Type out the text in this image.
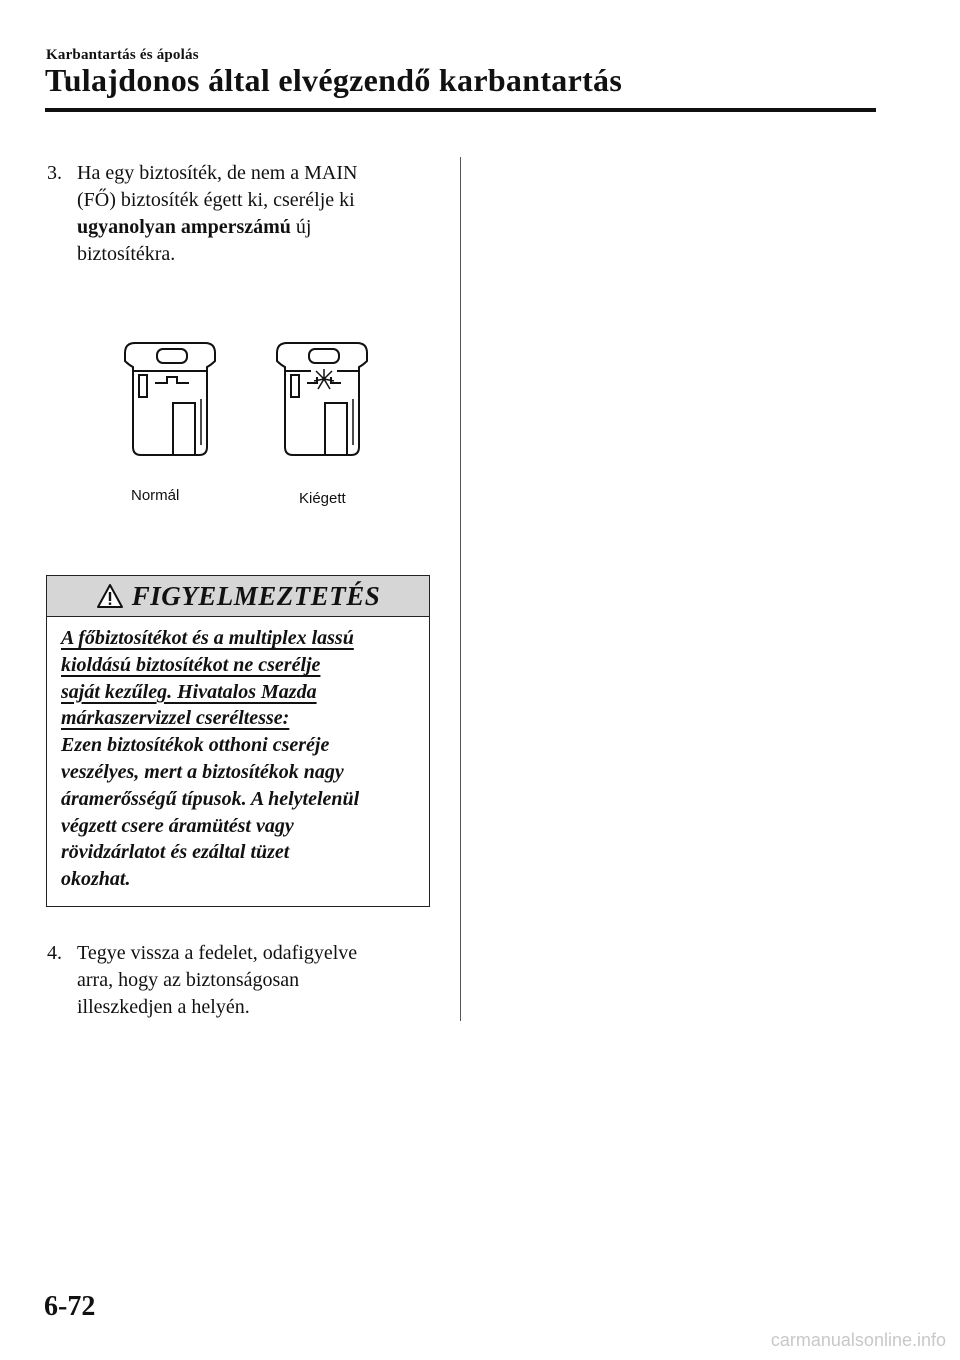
Karbantartás és ápolás
Tulajdonos által elvégzendő karbantartás
3. Ha egy biztosíték, de nem a MAIN
(FŐ) biztosíték égett ki, cserélje ki
ugyanolyan amperszámú új
biztosítékra.
Normál	Kiégett
FIGYELMEZTETÉS
A főbiztosítékot és a multiplex lassú
kioldású biztosítékot ne cserélje
saját kezűleg. Hivatalos Mazda
márkaszervizzel cseréltesse:
Ezen biztosítékok otthoni cseréje
veszélyes, mert a biztosítékok nagy
áramerősségű típusok. A helytelenül
végzett csere áramütést vagy
rövidzárlatot és ezáltal tüzet
okozhat.
4. Tegye vissza a fedelet, odafigyelve
arra, hogy az biztonságosan
illeszkedjen a helyén.
6-72
carmanualsonline.info
